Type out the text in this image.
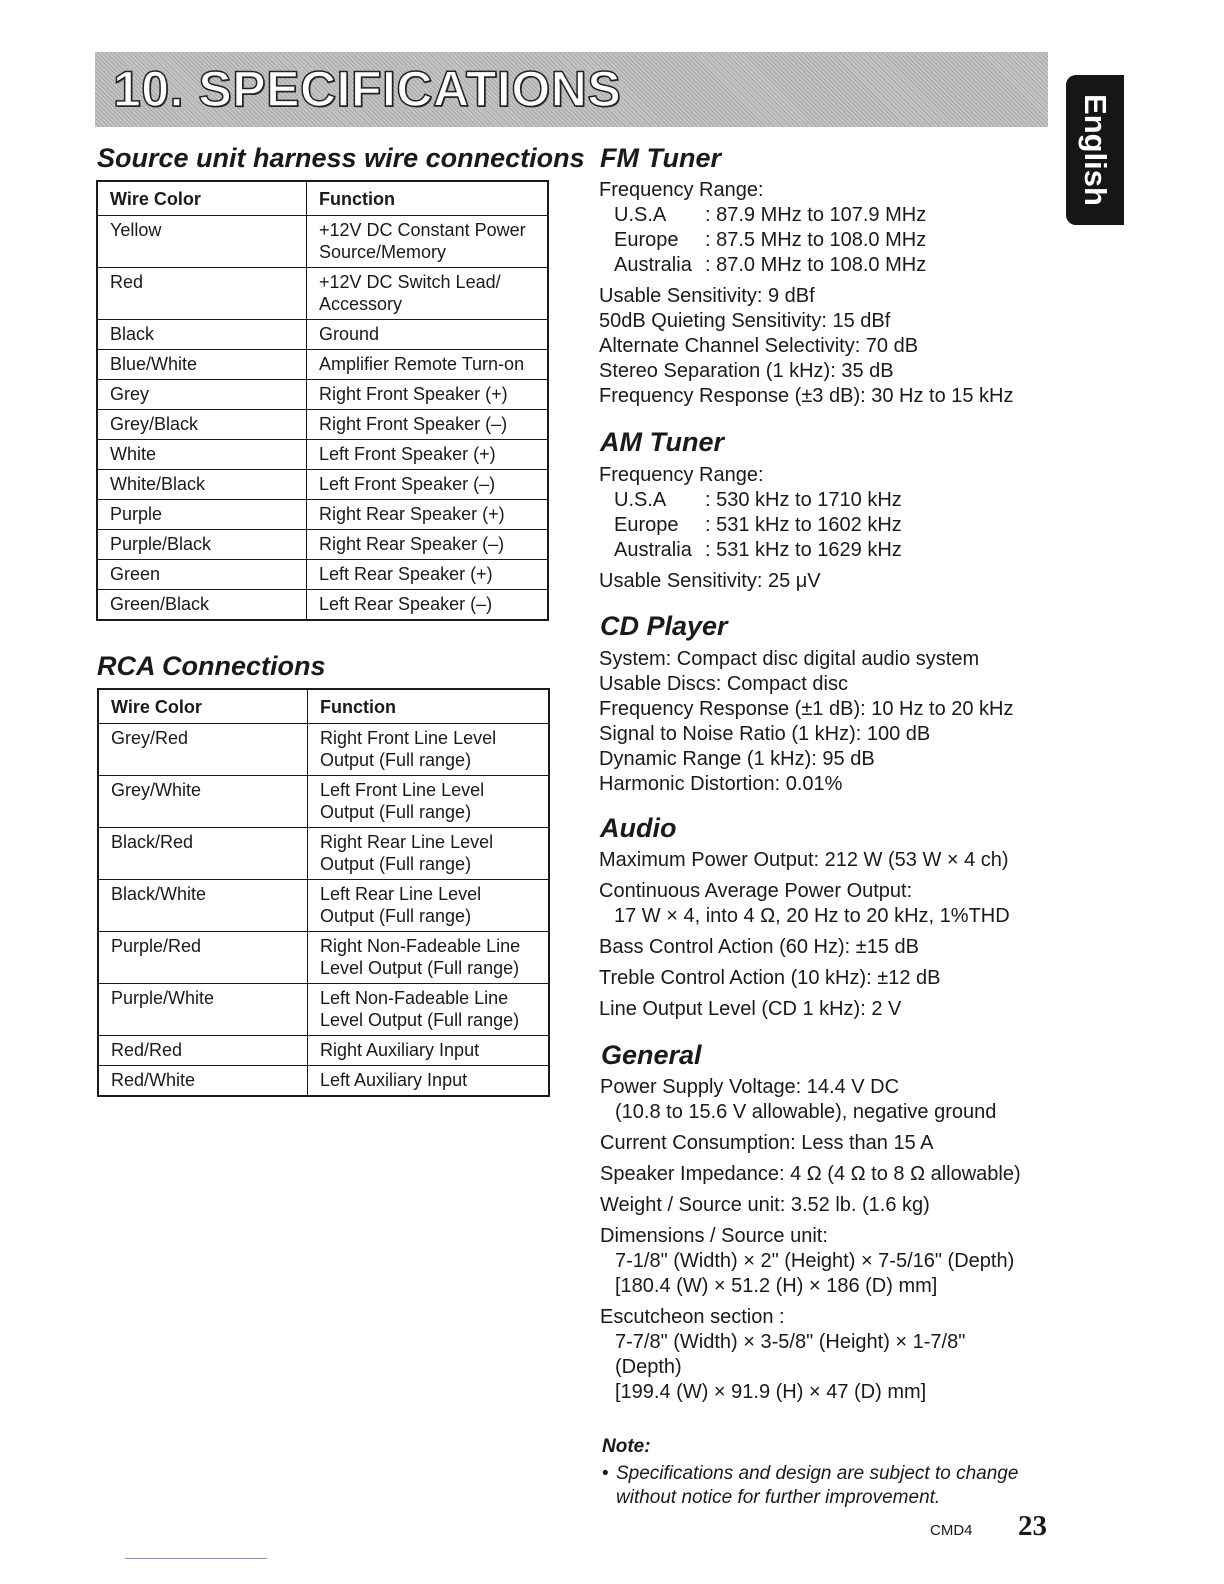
10. SPECIFICATIONS
English
Source unit harness wire connections
Wire Color	Function
Yellow	+12V DC Constant Power
Source/Memory
Red	+12V DC Switch Lead/
Accessory
Black	Ground
Blue/White	Amplifier Remote Turn-on
Grey	Right Front Speaker (+)
Grey/Black	Right Front Speaker (–)
White	Left Front Speaker (+)
White/Black	Left Front Speaker (–)
Purple	Right Rear Speaker (+)
Purple/Black	Right Rear Speaker (–)
Green	Left Rear Speaker (+)
Green/Black	Left Rear Speaker (–)
RCA Connections
Wire Color	Function
Grey/Red	Right Front Line Level
Output (Full range)
Grey/White	Left Front Line Level
Output (Full range)
Black/Red	Right Rear Line Level
Output (Full range)
Black/White	Left Rear Line Level
Output (Full range)
Purple/Red	Right Non-Fadeable Line
Level Output (Full range)
Purple/White	Left Non-Fadeable Line
Level Output (Full range)
Red/Red	Right Auxiliary Input
Red/White	Left Auxiliary Input
FM Tuner
Frequency Range:
U.S.A : 87.9 MHz to 107.9 MHz
Europe : 87.5 MHz to 108.0 MHz
Australia : 87.0 MHz to 108.0 MHz
Usable Sensitivity: 9 dBf
50dB Quieting Sensitivity: 15 dBf
Alternate Channel Selectivity: 70 dB
Stereo Separation (1 kHz): 35 dB
Frequency Response (±3 dB): 30 Hz to 15 kHz
AM Tuner
Frequency Range:
U.S.A : 530 kHz to 1710 kHz
Europe : 531 kHz to 1602 kHz
Australia : 531 kHz to 1629 kHz
Usable Sensitivity: 25 μV
CD Player
System: Compact disc digital audio system
Usable Discs: Compact disc
Frequency Response (±1 dB): 10 Hz to 20 kHz
Signal to Noise Ratio (1 kHz): 100 dB
Dynamic Range (1 kHz): 95 dB
Harmonic Distortion: 0.01%
Audio
Maximum Power Output: 212 W (53 W × 4 ch)
Continuous Average Power Output:
17 W × 4, into 4 Ω, 20 Hz to 20 kHz, 1%THD
Bass Control Action (60 Hz): ±15 dB
Treble Control Action (10 kHz): ±12 dB
Line Output Level (CD 1 kHz): 2 V
General
Power Supply Voltage: 14.4 V DC
(10.8 to 15.6 V allowable), negative ground
Current Consumption: Less than 15 A
Speaker Impedance: 4 Ω (4 Ω to 8 Ω allowable)
Weight / Source unit: 3.52 lb. (1.6 kg)
Dimensions / Source unit:
7-1/8" (Width) × 2" (Height) × 7-5/16" (Depth)
[180.4 (W) × 51.2 (H) × 186 (D) mm]
Escutcheon section :
7-7/8" (Width) × 3-5/8" (Height) × 1-7/8"
(Depth)
[199.4 (W) × 91.9 (H) × 47 (D) mm]
Note:
• Specifications and design are subject to change
without notice for further improvement.
CMD4 23
